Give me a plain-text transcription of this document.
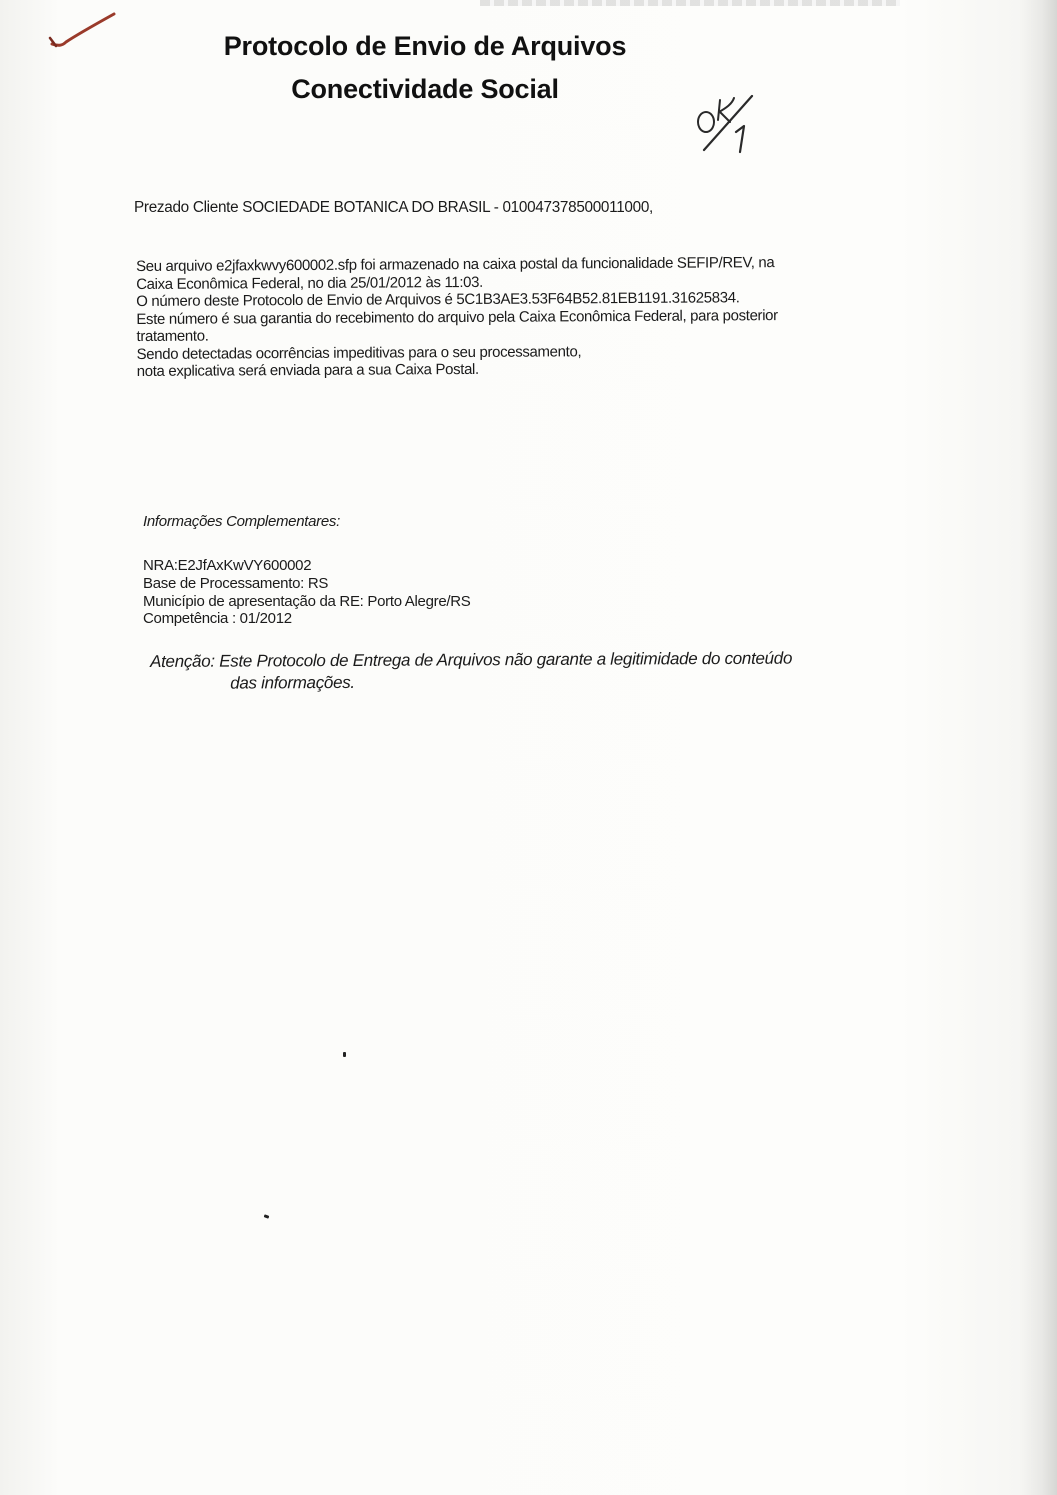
Protocolo de Envio de Arquivos
Conectividade Social
Prezado Cliente SOCIEDADE BOTANICA DO BRASIL - 010047378500011000,

Seu arquivo e2jfaxkwvy600002.sfp foi armazenado na caixa postal da funcionalidade SEFIP/REV, na

Caixa Econômica Federal, no dia 25/01/2012 às 11:03.

O número deste Protocolo de Envio de Arquivos é 5C1B3AE3.53F64B52.81EB1191.31625834.

Este número é sua garantia do recebimento do arquivo pela Caixa Econômica Federal, para posterior

tratamento.

Sendo detectadas ocorrências impeditivas para o seu processamento,

nota explicativa será enviada para a sua Caixa Postal.

Informações Complementares:
NRA:E2JfAxKwVY600002
Base de Processamento: RS
Município de apresentação da RE: Porto Alegre/RS
Competência : 01/2012
Atenção: Este Protocolo de Entrega de Arquivos não garante a legitimidade do conteúdo
das informações.
